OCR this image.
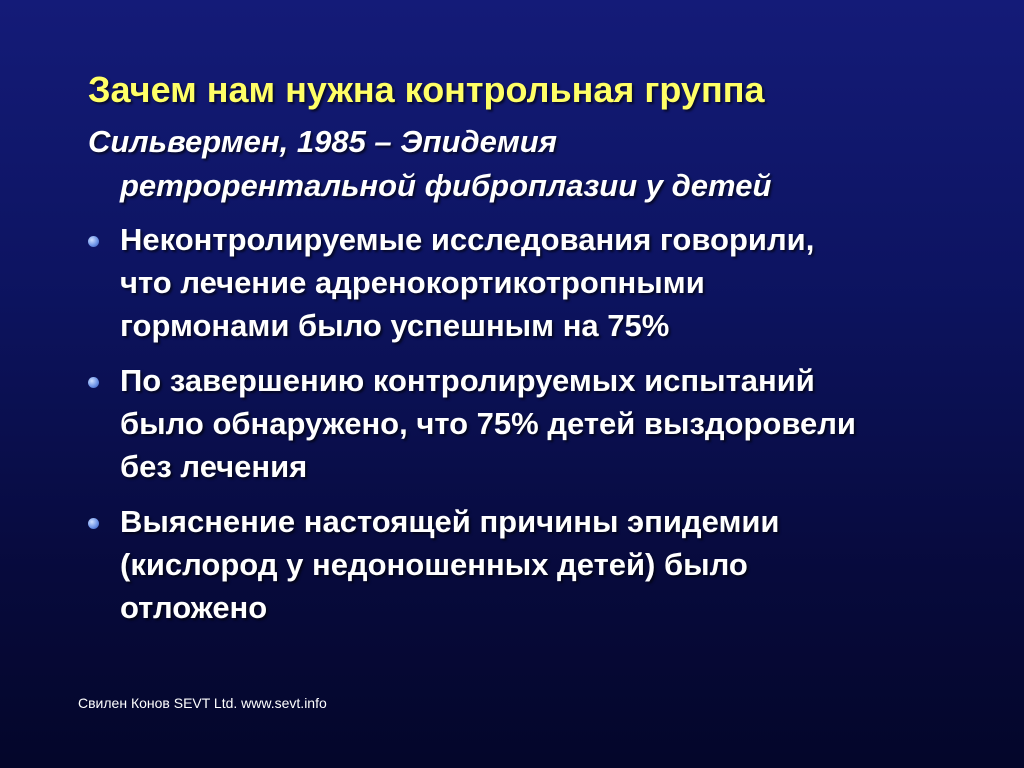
Зачем нам нужна контрольная группа

Сильвермен, 1985 – Эпидемия
ретрорентальной фиброплазии у детей

Неконтролируемые исследования говорили,
что лечение адренокортикотропными
гормонами было успешным на 75%
По завершению контролируемых испытаний
было обнаружено, что 75% детей выздоровели
без лечения
Выяснение настоящей причины эпидемии
(кислород у недоношенных детей) было
отложено
Свилен Конов SEVT Ltd. www.sevt.info
